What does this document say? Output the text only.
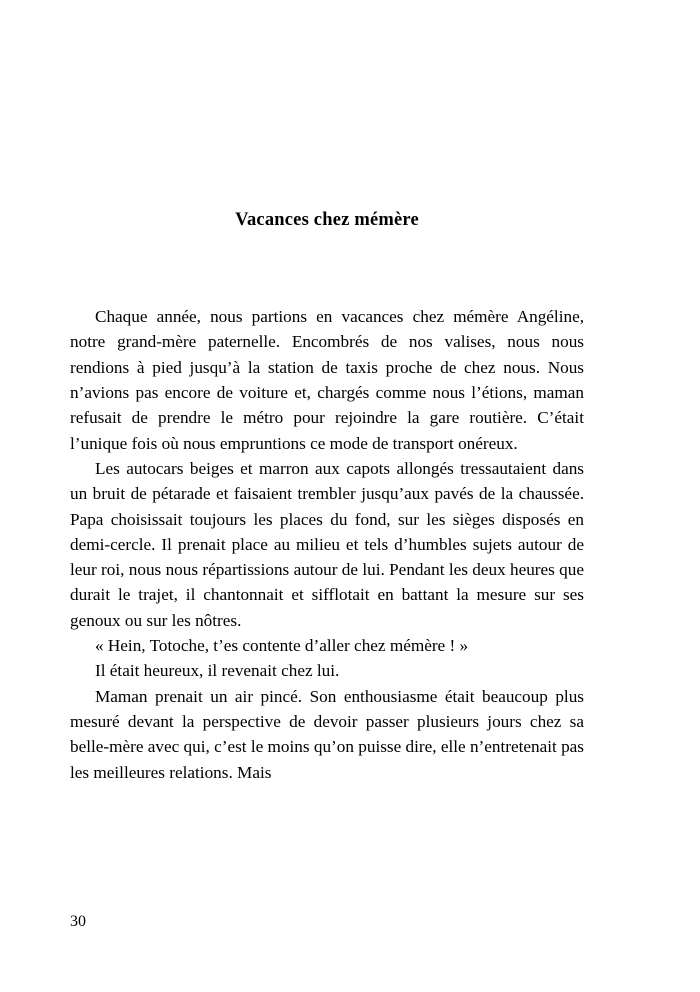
Vacances chez mémère

Chaque année, nous partions en vacances chez mémère Angéline, notre grand-mère paternelle. Encombrés de nos valises, nous nous rendions à pied jusqu’à la station de taxis proche de chez nous. Nous n’avions pas encore de voiture et, chargés comme nous l’étions, maman refusait de prendre le métro pour rejoindre la gare routière. C’était l’unique fois où nous empruntions ce mode de transport onéreux.

Les autocars beiges et marron aux capots allongés tressautaient dans un bruit de pétarade et faisaient trembler jusqu’aux pavés de la chaussée. Papa choisissait toujours les places du fond, sur les sièges disposés en demi-cercle. Il prenait place au milieu et tels d’humbles sujets autour de leur roi, nous nous répartissions autour de lui. Pendant les deux heures que durait le trajet, il chantonnait et sifflotait en battant la mesure sur ses genoux ou sur les nôtres.

« Hein, Totoche, t’es contente d’aller chez mémère ! »

Il était heureux, il revenait chez lui.

Maman prenait un air pincé. Son enthousiasme était beaucoup plus mesuré devant la perspective de devoir passer plusieurs jours chez sa belle-mère avec qui, c’est le moins qu’on puisse dire, elle n’entretenait pas les meilleures relations. Mais

30
